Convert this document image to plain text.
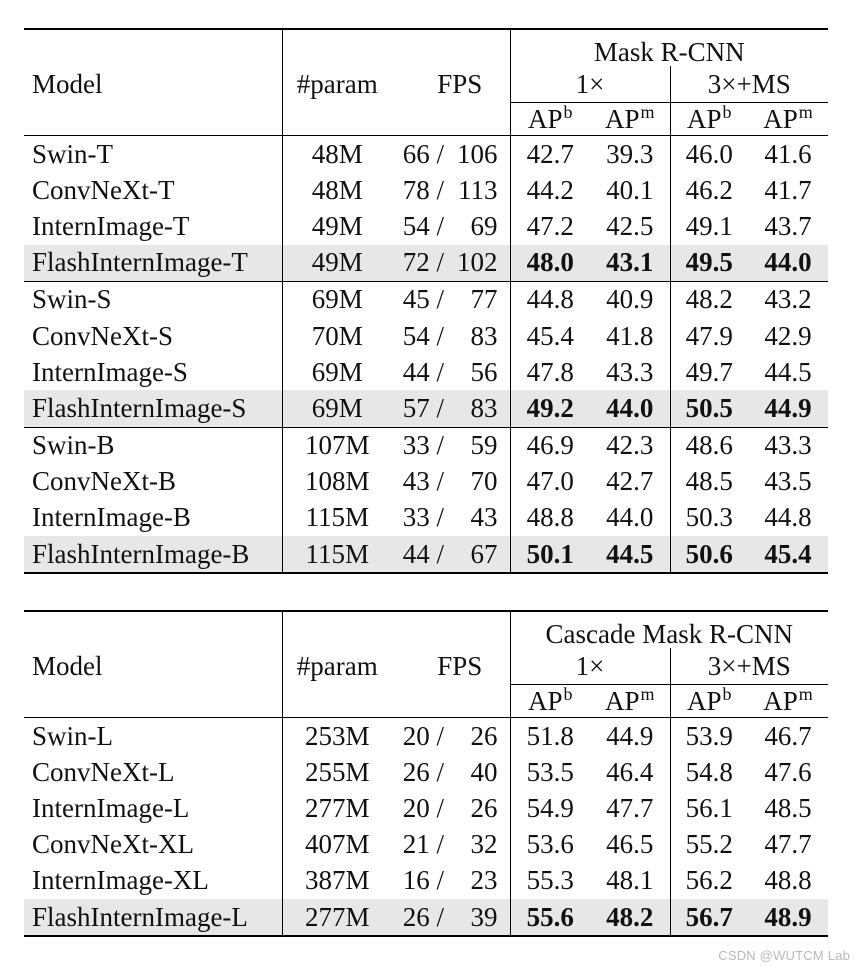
				Mask R-CNN			
Model	#param	FPS		1×		3×+MS	
				$AP^b$	$AP^m$	$AP^b$	$AP^m$
Swin-T	48M	66 /	106	42.7	39.3	46.0	41.6
ConvNeXt-T	48M	78 /	113	44.2	40.1	46.2	41.7
InternImage-T	49M	54 /	69	47.2	42.5	49.1	43.7
FlashInternImage-T	49M	72 /	102	48.0	43.1	49.5	44.0
Swin-S	69M	45 /	77	44.8	40.9	48.2	43.2
ConvNeXt-S	70M	54 /	83	45.4	41.8	47.9	42.9
InternImage-S	69M	44 /	56	47.8	43.3	49.7	44.5
FlashInternImage-S	69M	57 /	83	49.2	44.0	50.5	44.9
Swin-B	107M	33 /	59	46.9	42.3	48.6	43.3
ConvNeXt-B	108M	43 /	70	47.0	42.7	48.5	43.5
InternImage-B	115M	33 /	43	48.8	44.0	50.3	44.8
FlashInternImage-B	115M	44 /	67	50.1	44.5	50.6	45.4
				Cascade Mask R-CNN			
Model	#param	FPS		1×		3×+MS	
				$AP^b$	$AP^m$	$AP^b$	$AP^m$
Swin-L	253M	20 /	26	51.8	44.9	53.9	46.7
ConvNeXt-L	255M	26 /	40	53.5	46.4	54.8	47.6
InternImage-L	277M	20 /	26	54.9	47.7	56.1	48.5
ConvNeXt-XL	407M	21 /	32	53.6	46.5	55.2	47.7
InternImage-XL	387M	16 /	23	55.3	48.1	56.2	48.8
FlashInternImage-L	277M	26 /	39	55.6	48.2	56.7	48.9
CSDN @WUTCM Lab
